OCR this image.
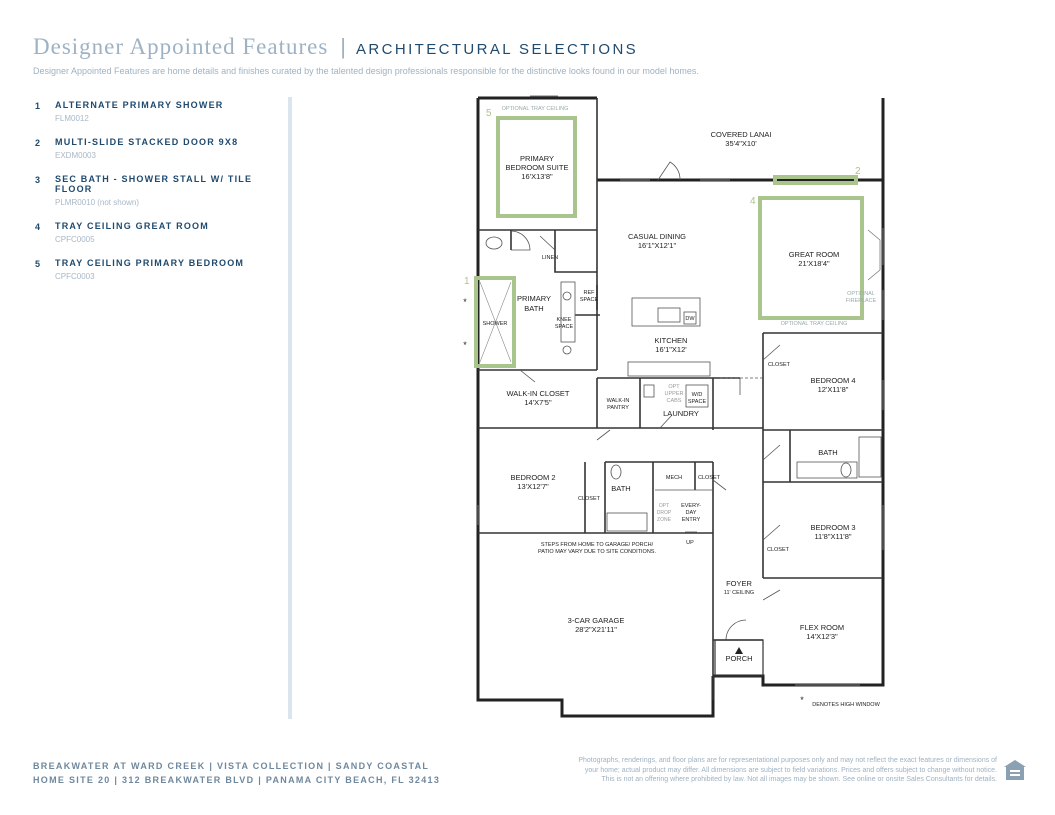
Designer Appointed Features | ARCHITECTURAL SELECTIONS
Designer Appointed Features are home details and finishes curated by the talented design professionals responsible for the distinctive looks found in our model homes.
1	ALTERNATE PRIMARY SHOWER
FLM0012
2	MULTI-SLIDE STACKED DOOR 9X8
EXDM0003
3	SEC BATH - SHOWER STALL W/ TILE FLOOR
PLMR0010 (not shown)
4	TRAY CEILING GREAT ROOM
CPFC0005
5	TRAY CEILING PRIMARY BEDROOM
CPFC0003
5
1
2
4
OPTIONAL TRAY CEILING
COVERED LANAI
35'4"X10'
PRIMARY
BEDROOM SUITE
16'X13'8"
CASUAL DINING
16'1"X12'1"
GREAT ROOM
21'X18'4"
OPTIONAL
FIREPLACE
OPTIONAL TRAY CEILING
LINEN
PRIMARY
BATH
REF
SPACE
KNEE
SPACE
SHOWER
DW
KITCHEN
16'1"X12'
CLOSET
BEDROOM 4
12'X11'8"
WALK-IN CLOSET
14'X7'5"	WALK-IN
PANTRY
OPT
UPPER
CABS
W/D
SPACE
LAUNDRY
BATH
BEDROOM 2
13'X12'7"	BATH
MECH	CLOSET
CLOSET
OPT
DROP
ZONE
EVERY-
DAY
ENTRY
UP
BEDROOM 3
11'8"X11'8"
CLOSET
STEPS FROM HOME TO GARAGE/ PORCH/
PATIO MAY VARY DUE TO SITE CONDITIONS.
FOYER
11' CEILING
3-CAR GARAGE
28'2"X21'11"	FLEX ROOM
14'X12'3"
PORCH
*
*
* DENOTES HIGH WINDOW
BREAKWATER AT WARD CREEK | VISTA COLLECTION | SANDY COASTAL
HOME SITE 20 | 312 BREAKWATER BLVD | PANAMA CITY BEACH, FL 32413
Photographs, renderings, and floor plans are for representational purposes only and may not reflect the exact features or dimensions of
your home; actual product may differ. All dimensions are subject to field variations. Prices and offers subject to change without notice.
This is not an offering where prohibited by law. Not all images may be shown. See online or onsite Sales Consultants for details.
